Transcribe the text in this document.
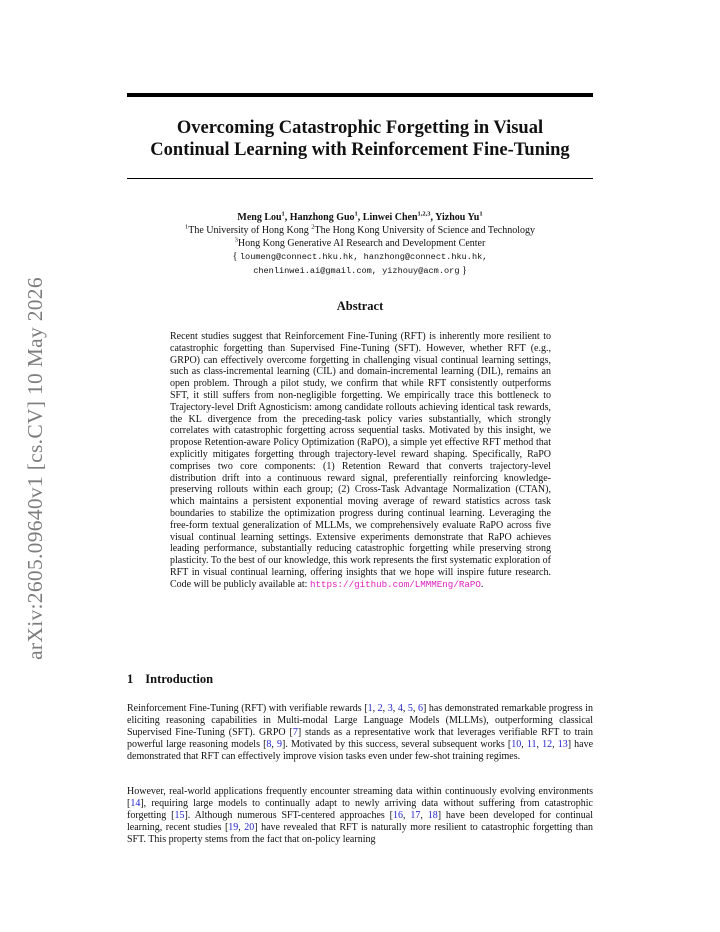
arXiv:2605.09640v1 [cs.CV] 10 May 2026
Overcoming Catastrophic Forgetting in Visual
Continual Learning with Reinforcement Fine-Tuning
Meng Lou$^1$, Hanzhong Guo$^1$, Linwei Chen$^{1,2,3}$, Yizhou Yu$^1$
$^1$The University of Hong Kong $^2$The Hong Kong University of Science and Technology
$^3$Hong Kong Generative AI Research and Development Center
{ loumeng@connect.hku.hk, hanzhong@connect.hku.hk,
chenlinwei.ai@gmail.com, yizhouy@acm.org }
Abstract
Recent studies suggest that Reinforcement Fine-Tuning (RFT) is inherently more resilient to catastrophic forgetting than Supervised Fine-Tuning (SFT). However, whether RFT (e.g., GRPO) can effectively overcome forgetting in challenging visual continual learning settings, such as class-incremental learning (CIL) and domain-incremental learning (DIL), remains an open problem. Through a pilot study, we confirm that while RFT consistently outperforms SFT, it still suffers from non-negligible forgetting. We empirically trace this bottleneck to Trajectory-level Drift Agnosticism: among candidate rollouts achieving identical task rewards, the KL divergence from the preceding-task policy varies substantially, which strongly correlates with catastrophic forgetting across sequential tasks. Motivated by this insight, we propose Retention-aware Policy Optimization (RaPO), a simple yet effective RFT method that explicitly mitigates forgetting through trajectory-level reward shaping. Specifically, RaPO comprises two core components: (1) Retention Reward that converts trajectory-level distribution drift into a continuous reward signal, preferentially reinforcing knowledge-preserving rollouts within each group; (2) Cross-Task Advantage Normalization (CTAN), which maintains a persistent exponential moving average of reward statistics across task boundaries to stabilize the optimization progress during continual learning. Leveraging the free-form textual generalization of MLLMs, we comprehensively evaluate RaPO across five visual continual learning settings. Extensive experiments demonstrate that RaPO achieves leading performance, substantially reducing catastrophic forgetting while preserving strong plasticity. To the best of our knowledge, this work represents the first systematic exploration of RFT in visual continual learning, offering insights that we hope will inspire future research. Code will be publicly available at: https://github.com/LMMMEng/RaPO.
1 Introduction
Reinforcement Fine-Tuning (RFT) with verifiable rewards [1, 2, 3, 4, 5, 6] has demonstrated remarkable progress in eliciting reasoning capabilities in Multi-modal Large Language Models (MLLMs), outperforming classical Supervised Fine-Tuning (SFT). GRPO [7] stands as a representative work that leverages verifiable RFT to train powerful large reasoning models [8, 9]. Motivated by this success, several subsequent works [10, 11, 12, 13] have demonstrated that RFT can effectively improve vision tasks even under few-shot training regimes.
However, real-world applications frequently encounter streaming data within continuously evolving environments [14], requiring large models to continually adapt to newly arriving data without suffering from catastrophic forgetting [15]. Although numerous SFT-centered approaches [16, 17, 18] have been developed for continual learning, recent studies [19, 20] have revealed that RFT is naturally more resilient to catastrophic forgetting than SFT. This property stems from the fact that on-policy learning
